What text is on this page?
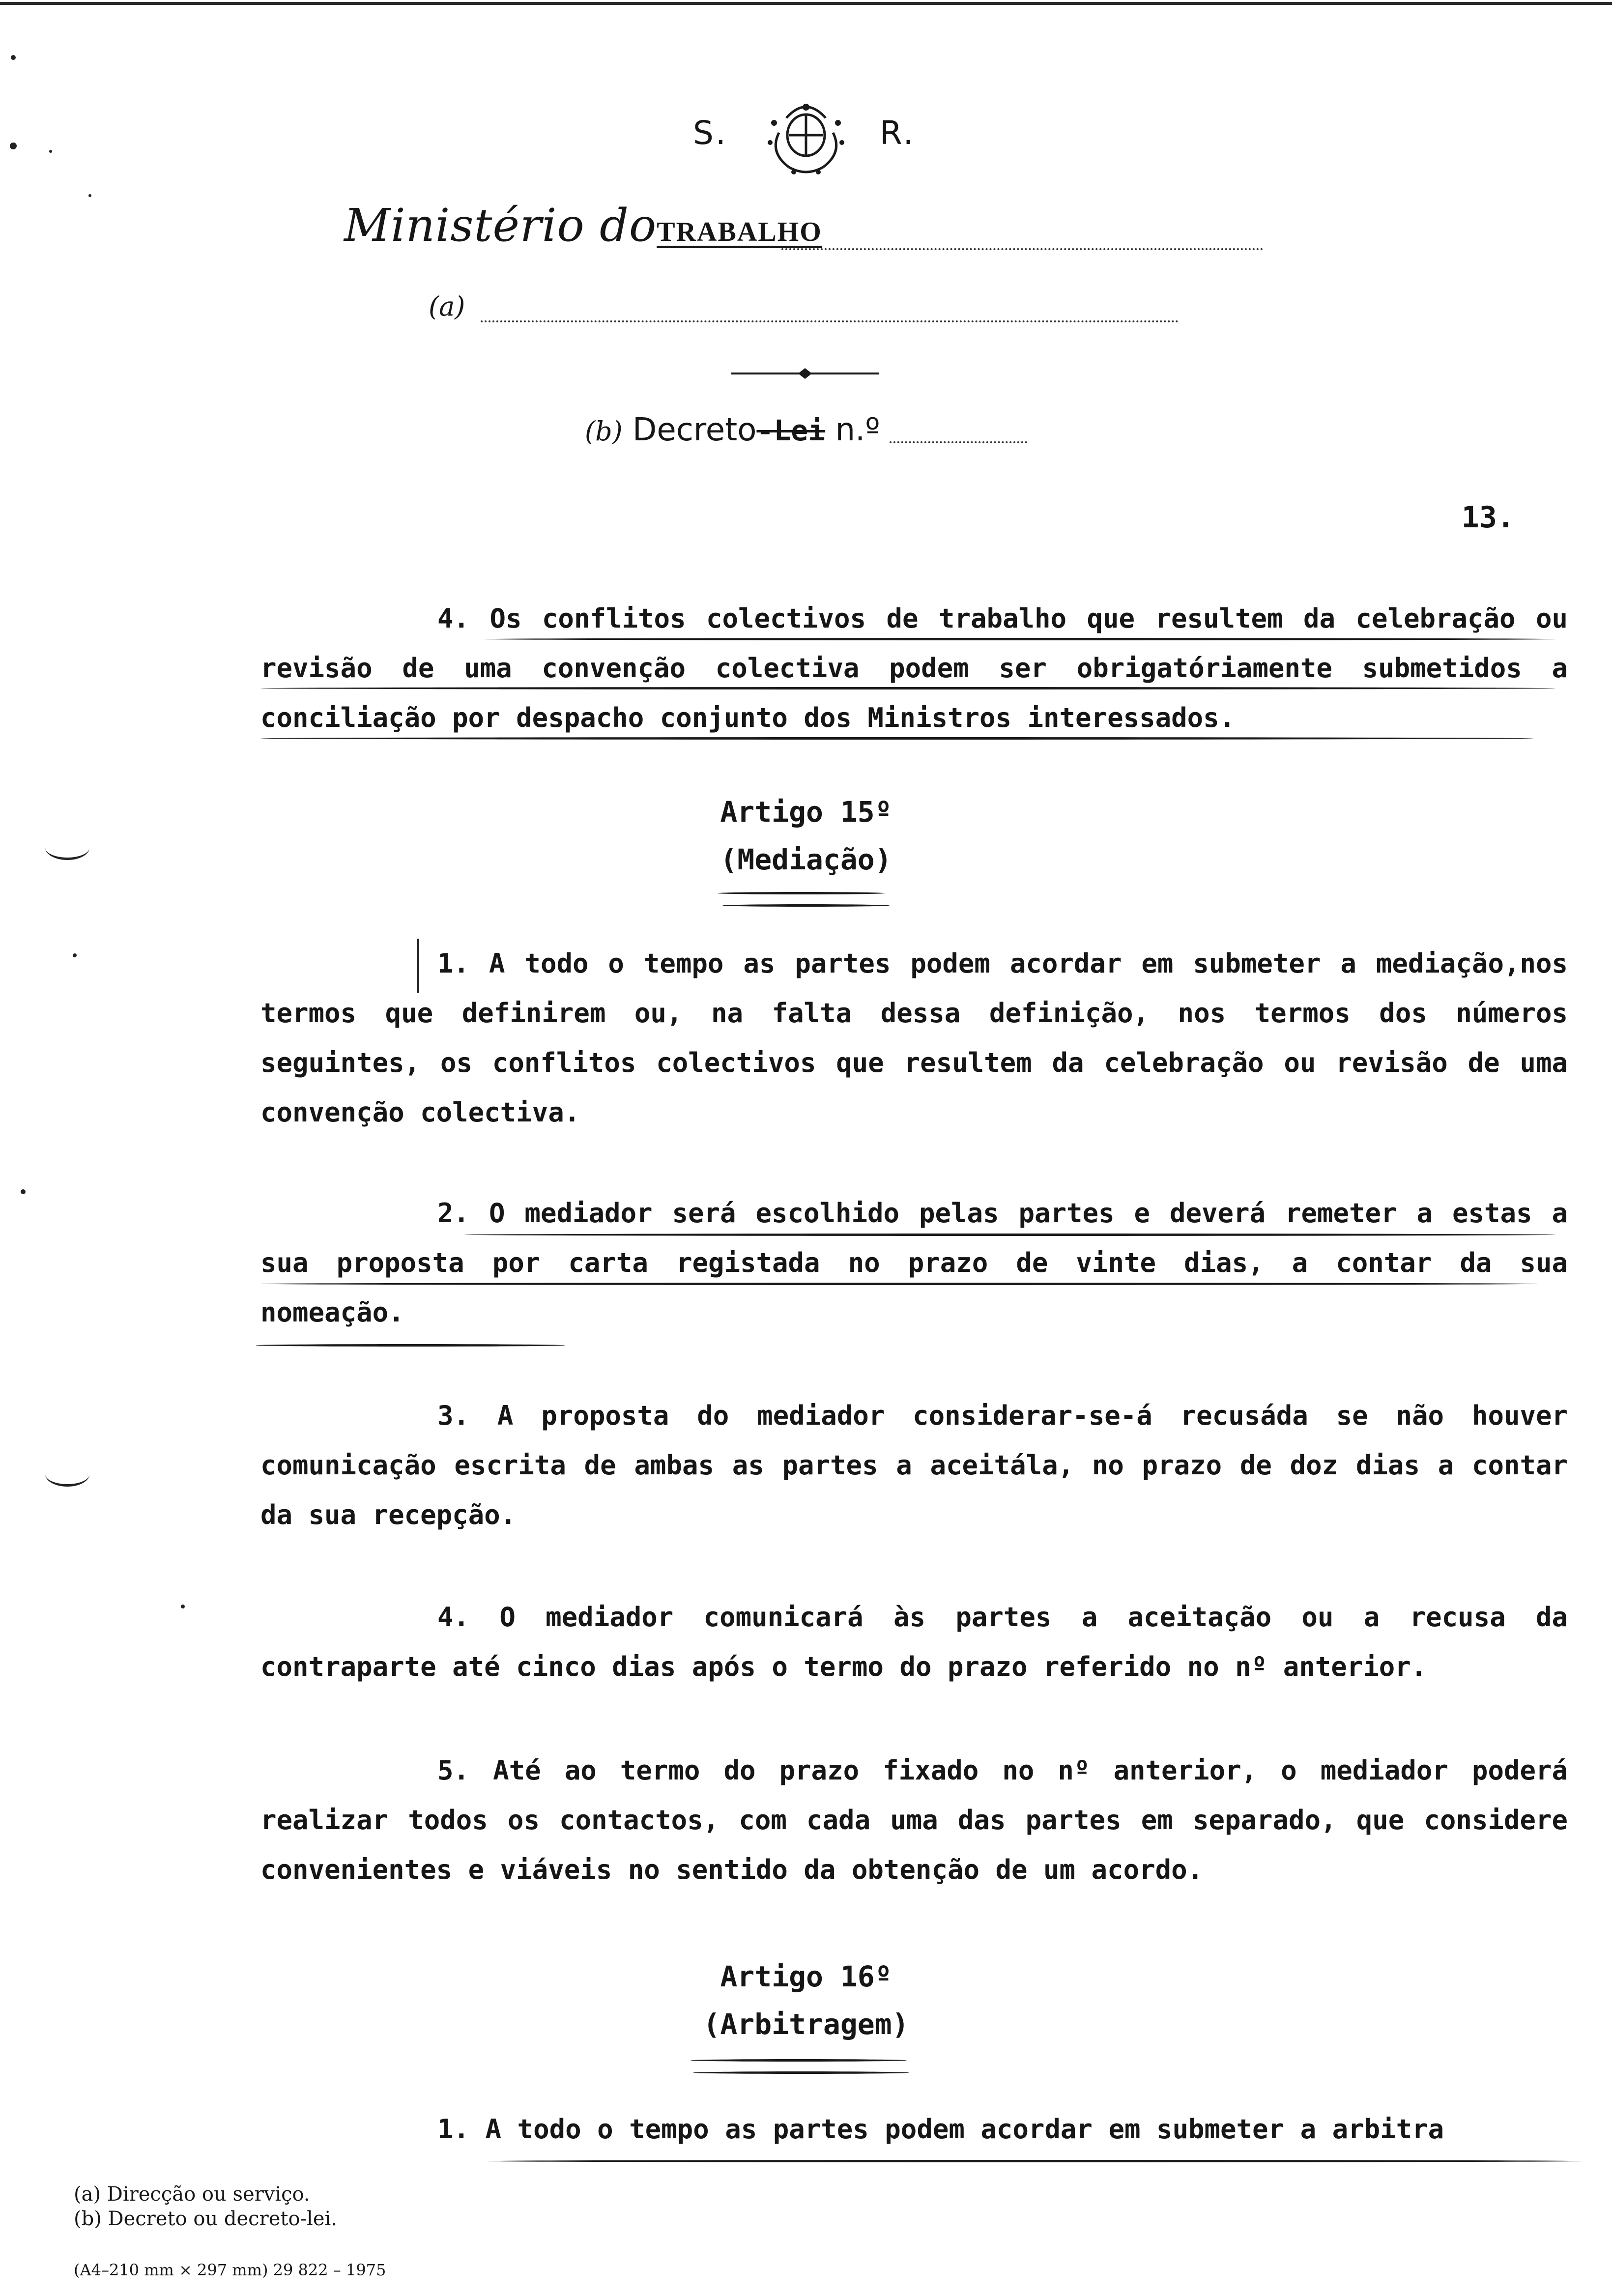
S.	R.
Ministério doTRABALHO
(a)
(b) Decreto-Lei n.º
13.
4. Os conflitos colectivos de trabalho que resultem da celebração ou revisão de uma convenção colectiva podem ser obrigatóriamente submetidos a conciliação por despacho conjunto dos Ministros interessados.
Artigo 15º
(Mediação)
1. A todo o tempo as partes podem acordar em submeter a mediação,nos termos que definirem ou, na falta dessa definição, nos termos dos números seguintes, os conflitos colectivos que resultem da celebração ou revisão de uma convenção colectiva.
2. O mediador será escolhido pelas partes e deverá remeter a estas a sua proposta por carta registada no prazo de vinte dias, a contar da sua nomeação.
3. A proposta do mediador considerar-se-á recusáda se não houver comunicação escrita de ambas as partes a aceitála, no prazo de doz dias a contar da sua recepção.
4. O mediador comunicará às partes a aceitação ou a recusa da contraparte até cinco dias após o termo do prazo referido no nº anterior.
5. Até ao termo do prazo fixado no nº anterior, o mediador poderá realizar todos os contactos, com cada uma das partes em separado, que considere convenientes e viáveis no sentido da obtenção de um acordo.
Artigo 16º
(Arbitragem)
1. A todo o tempo as partes podem acordar em submeter a arbitra
(a) Direcção ou serviço.
(b) Decreto ou decreto-lei.
(A4–210 mm × 297 mm) 29 822 – 1975
